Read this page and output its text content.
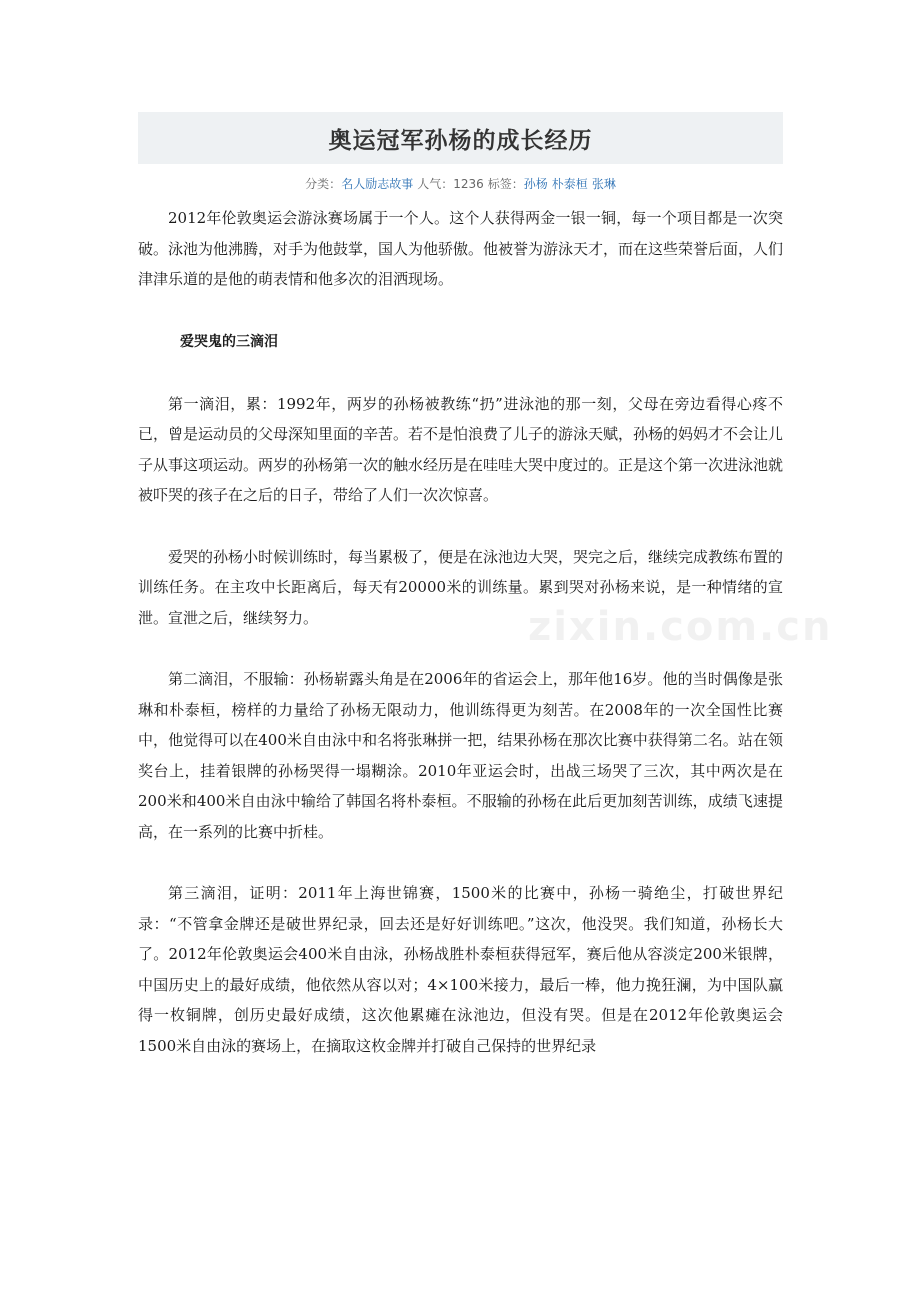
奥运冠军孙杨的成长经历
分类：名人励志故事 人气：1236 标签：孙杨 朴泰桓 张琳

2012年伦敦奥运会游泳赛场属于一个人。这个人获得两金一银一铜，每一个项目都是一次突破。泳池为他沸腾，对手为他鼓掌，国人为他骄傲。他被誉为游泳天才，而在这些荣誉后面，人们津津乐道的是他的萌表情和他多次的泪洒现场。

爱哭鬼的三滴泪

第一滴泪，累：1992年，两岁的孙杨被教练“扔”进泳池的那一刻，父母在旁边看得心疼不已，曾是运动员的父母深知里面的辛苦。若不是怕浪费了儿子的游泳天赋，孙杨的妈妈才不会让儿子从事这项运动。两岁的孙杨第一次的触水经历是在哇哇大哭中度过的。正是这个第一次进泳池就被吓哭的孩子在之后的日子，带给了人们一次次惊喜。

爱哭的孙杨小时候训练时，每当累极了，便是在泳池边大哭，哭完之后，继续完成教练布置的训练任务。在主攻中长距离后，每天有20000米的训练量。累到哭对孙杨来说，是一种情绪的宣泄。宣泄之后，继续努力。

第二滴泪，不服输：孙杨崭露头角是在2006年的省运会上，那年他16岁。他的当时偶像是张琳和朴泰桓，榜样的力量给了孙杨无限动力，他训练得更为刻苦。在2008年的一次全国性比赛中，他觉得可以在400米自由泳中和名将张琳拼一把，结果孙杨在那次比赛中获得第二名。站在领奖台上，挂着银牌的孙杨哭得一塌糊涂。2010年亚运会时，出战三场哭了三次，其中两次是在200米和400米自由泳中输给了韩国名将朴泰桓。不服输的孙杨在此后更加刻苦训练，成绩飞速提高，在一系列的比赛中折桂。

第三滴泪，证明：2011年上海世锦赛，1500米的比赛中，孙杨一骑绝尘，打破世界纪录：“不管拿金牌还是破世界纪录，回去还是好好训练吧。”这次，他没哭。我们知道，孙杨长大了。2012年伦敦奥运会400米自由泳，孙杨战胜朴泰桓获得冠军，赛后他从容淡定200米银牌，中国历史上的最好成绩，他依然从容以对；4×100米接力，最后一棒，他力挽狂澜，为中国队赢得一枚铜牌，创历史最好成绩，这次他累瘫在泳池边，但没有哭。但是在2012年伦敦奥运会1500米自由泳的赛场上，在摘取这枚金牌并打破自己保持的世界纪录

zixin.com.cn
